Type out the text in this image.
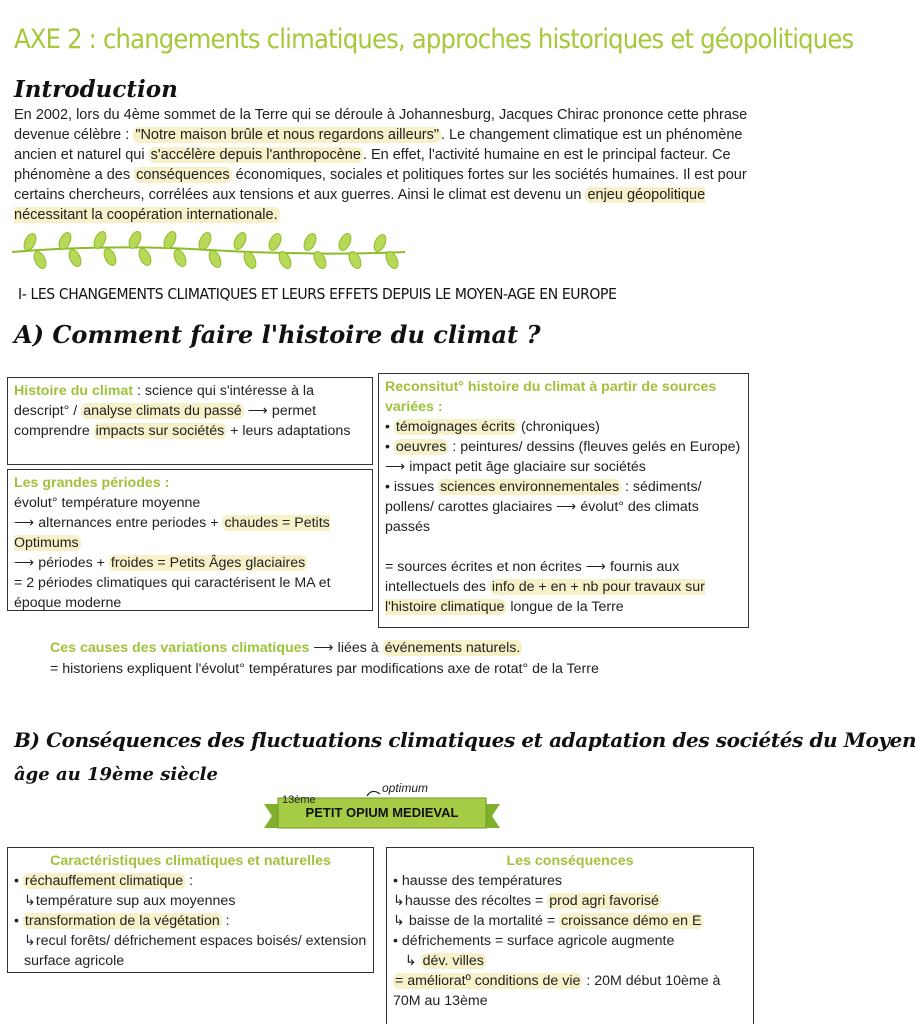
AXE 2 : changements climatiques, approches historiques et géopolitiques
Introduction
En 2002, lors du 4ème sommet de la Terre qui se déroule à Johannesburg, Jacques Chirac prononce cette phrase devenue célèbre : "Notre maison brûle et nous regardons ailleurs" . Le changement climatique est un phénomène ancien et naturel qui s'accélère depuis l'anthropocène . En effet, l'activité humaine en est le principal facteur. Ce phénomène a des conséquences économiques, sociales et politiques fortes sur les sociétés humaines. Il est pour certains chercheurs, corrélées aux tensions et aux guerres. Ainsi le climat est devenu un enjeu géopolitique nécessitant la coopération internationale.
I- LES CHANGEMENTS CLIMATIQUES ET LEURS EFFETS DEPUIS LE MOYEN-AGE EN EUROPE
A) Comment faire l'histoire du climat ?
Histoire du climat : science qui s'intéresse à la descript° / analyse climats du passé ⟶ permet comprendre impacts sur sociétés + leurs adaptations
Les grandes périodes :
évolut° température moyenne
⟶ alternances entre periodes + chaudes = Petits Optimums
⟶ périodes + froides = Petits Âges glaciaires
= 2 périodes climatiques qui caractérisent le MA et époque moderne
Reconsitut° histoire du climat à partir de sources variées :
• témoignages écrits (chroniques)
• oeuvres : peintures/ dessins (fleuves gelés en Europe) ⟶ impact petit âge glaciaire sur sociétés
• issues sciences environnementales : sédiments/ pollens/ carottes glaciaires ⟶ évolut° des climats passés
= sources écrites et non écrites ⟶ fournis aux intellectuels des info de + en + nb pour travaux sur l'histoire climatique longue de la Terre
Ces causes des variations climatiques ⟶ liées à événements naturels.
= historiens expliquent l'évolut° températures par modifications axe de rotat° de la Terre
B) Conséquences des fluctuations climatiques et adaptation des sociétés du Moyen
âge au 19ème siècle
13ème
PETIT OPIUM MEDIEVAL
optimum
Caractéristiques climatiques et naturelles
• réchauffement climatique :
↳température sup aux moyennes
• transformation de la végétation :
↳recul forêts/ défrichement espaces boisés/ extension surface agricole
Les conséquences
• hausse des températures
↳hausse des récoltes = prod agri favorisé
↳ baisse de la mortalité = croissance démo en E
• défrichements = surface agricole augmente
↳ dév. villes
= amélioratº conditions de vie : 20M début 10ème à 70M au 13ème
